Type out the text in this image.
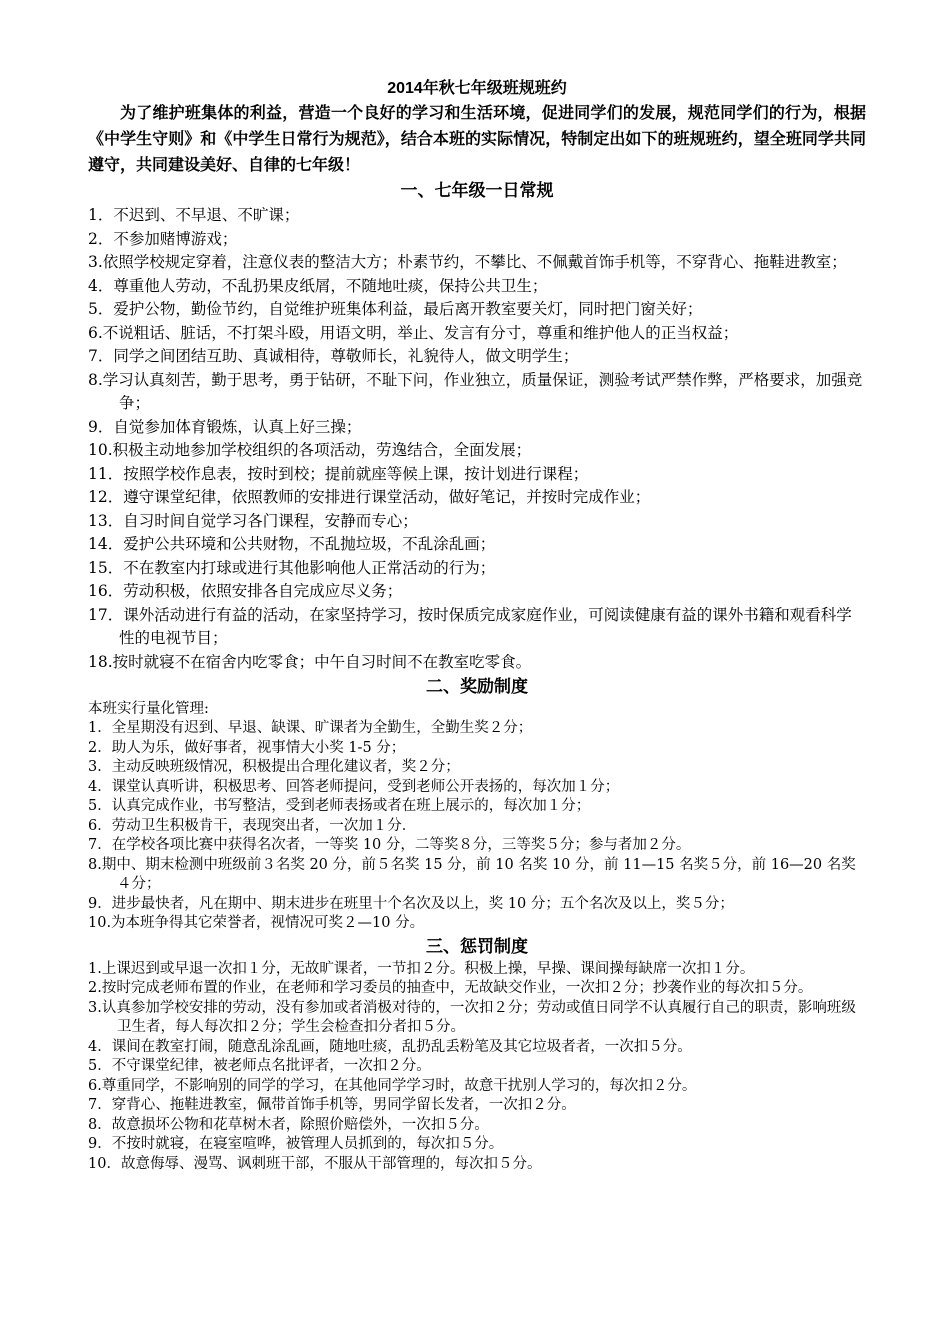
2014年秋七年级班规班约

为了维护班集体的利益，营造一个良好的学习和生活环境，促进同学们的发展，规范同学们的行为，根据《中学生守则》和《中学生日常行为规范》，结合本班的实际情况，特制定出如下的班规班约，望全班同学共同遵守，共同建设美好、自律的七年级！

一、七年级一日常规

1．不迟到、不早退、不旷课；

2．不参加赌博游戏；

3.依照学校规定穿着，注意仪表的整洁大方；朴素节约，不攀比、不佩戴首饰手机等，不穿背心、拖鞋进教室；

4．尊重他人劳动，不乱扔果皮纸屑，不随地吐痰，保持公共卫生；

5．爱护公物，勤俭节约，自觉维护班集体利益，最后离开教室要关灯，同时把门窗关好；

6.不说粗话、脏话，不打架斗殴，用语文明，举止、发言有分寸，尊重和维护他人的正当权益；

7．同学之间团结互助、真诚相待，尊敬师长，礼貌待人，做文明学生；

8.学习认真刻苦，勤于思考，勇于钻研，不耻下问，作业独立，质量保证，测验考试严禁作弊，严格要求，加强竞争；

9．自觉参加体育锻炼，认真上好三操；

10.积极主动地参加学校组织的各项活动，劳逸结合，全面发展；

11．按照学校作息表，按时到校；提前就座等候上课，按计划进行课程；

12．遵守课堂纪律，依照教师的安排进行课堂活动，做好笔记，并按时完成作业；

13．自习时间自觉学习各门课程，安静而专心；

14．爱护公共环境和公共财物，不乱抛垃圾，不乱涂乱画；

15．不在教室内打球或进行其他影响他人正常活动的行为；

16．劳动积极，依照安排各自完成应尽义务；

17．课外活动进行有益的活动，在家坚持学习，按时保质完成家庭作业，可阅读健康有益的课外书籍和观看科学性的电视节目；

18.按时就寝不在宿舍内吃零食；中午自习时间不在教室吃零食。

二、奖励制度

本班实行量化管理:

1．全星期没有迟到、早退、缺课、旷课者为全勤生，全勤生奖２分；

2．助人为乐，做好事者，视事情大小奖 1-5 分；

3．主动反映班级情况，积极提出合理化建议者，奖２分；

4．课堂认真听讲，积极思考、回答老师提问，受到老师公开表扬的，每次加１分；

5．认真完成作业，书写整洁，受到老师表扬或者在班上展示的，每次加１分；

6．劳动卫生积极肯干，表现突出者，一次加１分．

7．在学校各项比赛中获得名次者，一等奖 10 分，二等奖８分，三等奖５分；参与者加２分。

8.期中、期末检测中班级前３名奖 20 分，前５名奖 15 分，前 10 名奖 10 分，前 11—15 名奖５分，前 16—20 名奖４分；

9．进步最快者，凡在期中、期末进步在班里十个名次及以上，奖 10 分；五个名次及以上，奖５分；

10.为本班争得其它荣誉者，视情况可奖２—10 分。

三、惩罚制度

1.上课迟到或早退一次扣１分，无故旷课者，一节扣２分。积极上操，早操、课间操每缺席一次扣１分。

2.按时完成老师布置的作业，在老师和学习委员的抽查中，无故缺交作业，一次扣２分；抄袭作业的每次扣５分。

3.认真参加学校安排的劳动，没有参加或者消极对待的，一次扣２分；劳动或值日同学不认真履行自己的职责，影响班级卫生者，每人每次扣２分；学生会检查扣分者扣５分。

4．课间在教室打闹，随意乱涂乱画，随地吐痰，乱扔乱丢粉笔及其它垃圾者者，一次扣５分。

5．不守课堂纪律，被老师点名批评者，一次扣２分。

6.尊重同学，不影响别的同学的学习，在其他同学学习时，故意干扰别人学习的，每次扣２分。

7．穿背心、拖鞋进教室，佩带首饰手机等，男同学留长发者，一次扣２分。

8．故意损坏公物和花草树木者，除照价赔偿外，一次扣５分。

9．不按时就寝，在寝室喧哗，被管理人员抓到的，每次扣５分。

10．故意侮辱、漫骂、讽刺班干部，不服从干部管理的，每次扣５分。
